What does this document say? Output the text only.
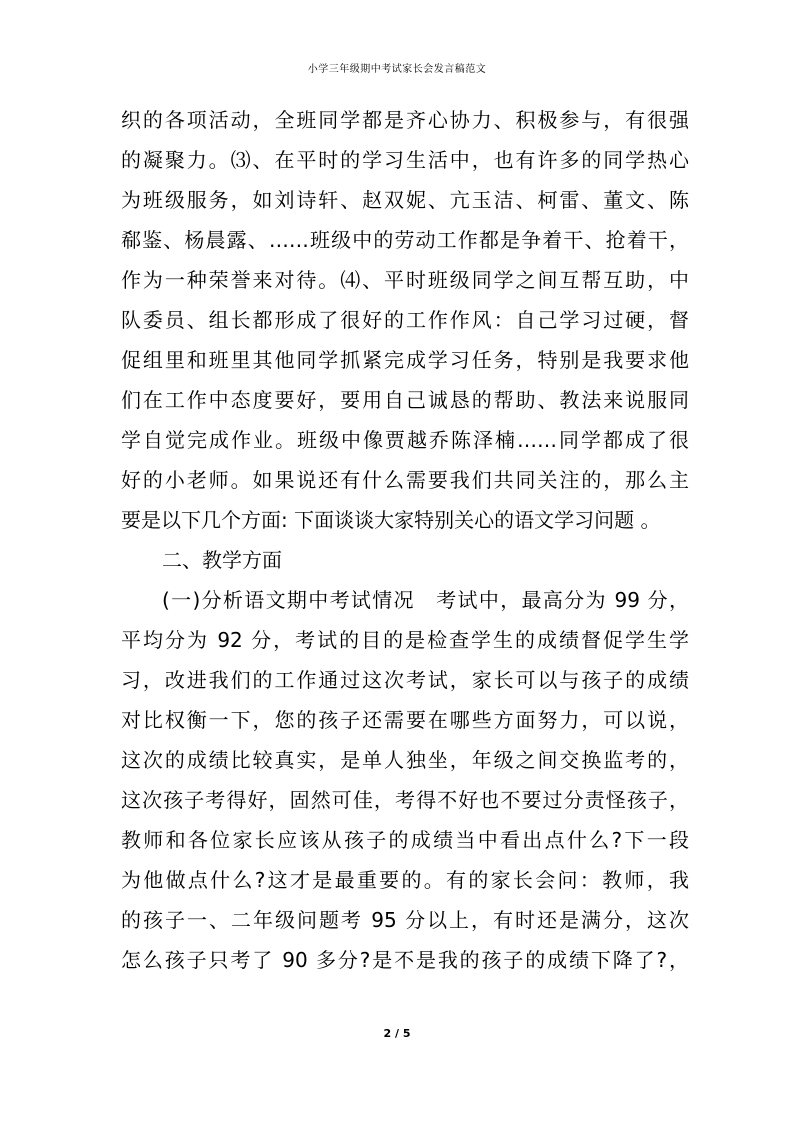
小学三年级期中考试家长会发言稿范文
织的各项活动，全班同学都是齐心协力、积极参与，有很强
的凝聚力。⑶、在平时的学习生活中，也有许多的同学热心
为班级服务，如刘诗轩、赵双妮、亢玉洁、柯雷、董文、陈
郗鉴、杨晨露、……班级中的劳动工作都是争着干、抢着干，
作为一种荣誉来对待。⑷、平时班级同学之间互帮互助，中
队委员、组长都形成了很好的工作作风：自己学习过硬，督
促组里和班里其他同学抓紧完成学习任务，特别是我要求他
们在工作中态度要好，要用自己诚恳的帮助、教法来说服同
学自觉完成作业。班级中像贾越乔陈泽楠……同学都成了很
好的小老师。如果说还有什么需要我们共同关注的，那么主
要是以下几个方面: 下面谈谈大家特别关心的语文学习问题 。
二、教学方面
(一)分析语文期中考试情况　考试中，最高分为 99 分，
平均分为 92 分，考试的目的是检查学生的成绩督促学生学
习，改进我们的工作通过这次考试，家长可以与孩子的成绩
对比权衡一下，您的孩子还需要在哪些方面努力，可以说，
这次的成绩比较真实，是单人独坐，年级之间交换监考的，
这次孩子考得好，固然可佳，考得不好也不要过分责怪孩子，
教师和各位家长应该从孩子的成绩当中看出点什么?下一段
为他做点什么?这才是最重要的。有的家长会问：教师，我
的孩子一、二年级问题考 95 分以上，有时还是满分，这次
怎么孩子只考了 90 多分?是不是我的孩子的成绩下降了?，
2 / 5
